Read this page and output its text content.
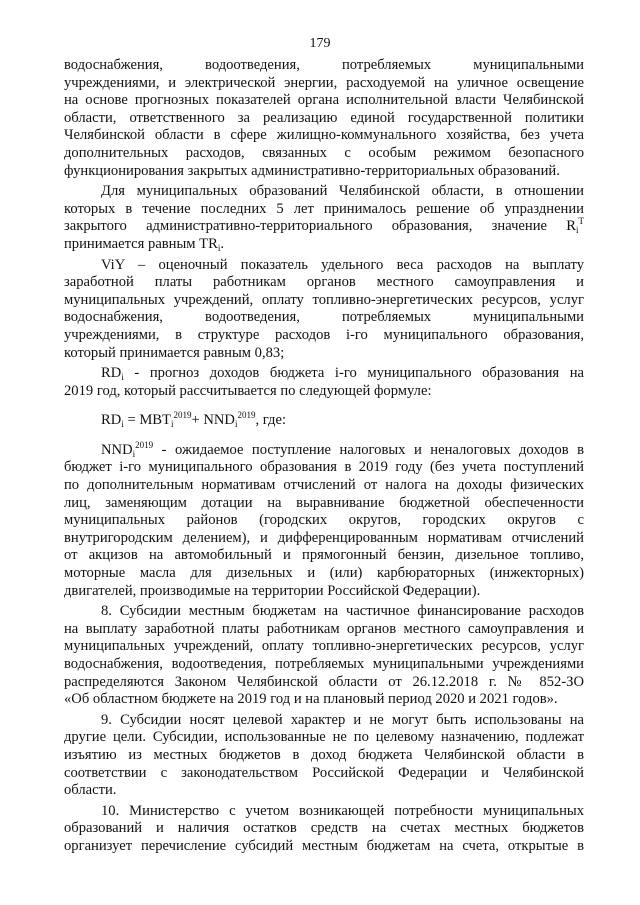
179
водоснабжения, водоотведения, потребляемых муниципальными
учреждениями, и электрической энергии, расходуемой на уличное освещение
на основе прогнозных показателей органа исполнительной власти Челябинской
области, ответственного за реализацию единой государственной политики
Челябинской области в сфере жилищно-коммунального хозяйства, без учета
дополнительных расходов, связанных с особым режимом безопасного
функционирования закрытых административно-территориальных образований.
Для муниципальных образований Челябинской области, в отношении
которых в течение последних 5 лет принималось решение об упразднении
закрытого административно-территориального образования, значение $R_i^T$
принимается равным $TR_i$.
ViY – оценочный показатель удельного веса расходов на выплату
заработной платы работникам органов местного самоуправления и
муниципальных учреждений, оплату топливно-энергетических ресурсов, услуг
водоснабжения, водоотведения, потребляемых муниципальными
учреждениями, в структуре расходов i-го муниципального образования,
который принимается равным 0,83;
$RD_i$ - прогноз доходов бюджета i-го муниципального образования на
2019 год, который рассчитывается по следующей формуле:
$RD_i = MBT_i^{2019}+ NND_i^{2019}$, где:
$NND_i^{2019}$ - ожидаемое поступление налоговых и неналоговых доходов в
бюджет i-го муниципального образования в 2019 году (без учета поступлений
по дополнительным нормативам отчислений от налога на доходы физических
лиц, заменяющим дотации на выравнивание бюджетной обеспеченности
муниципальных районов (городских округов, городских округов с
внутригородским делением), и дифференцированным нормативам отчислений
от акцизов на автомобильный и прямогонный бензин, дизельное топливо,
моторные масла для дизельных и (или) карбюраторных (инжекторных)
двигателей, производимые на территории Российской Федерации).
8. Субсидии местным бюджетам на частичное финансирование расходов
на выплату заработной платы работникам органов местного самоуправления и
муниципальных учреждений, оплату топливно-энергетических ресурсов, услуг
водоснабжения, водоотведения, потребляемых муниципальными учреждениями
распределяются Законом Челябинской области от 26.12.2018 г. № 852-ЗО
«Об областном бюджете на 2019 год и на плановый период 2020 и 2021 годов».
9. Субсидии носят целевой характер и не могут быть использованы на
другие цели. Субсидии, использованные не по целевому назначению, подлежат
изъятию из местных бюджетов в доход бюджета Челябинской области в
соответствии с законодательством Российской Федерации и Челябинской
области.
10. Министерство с учетом возникающей потребности муниципальных
образований и наличия остатков средств на счетах местных бюджетов
организует перечисление субсидий местным бюджетам на счета, открытые в
